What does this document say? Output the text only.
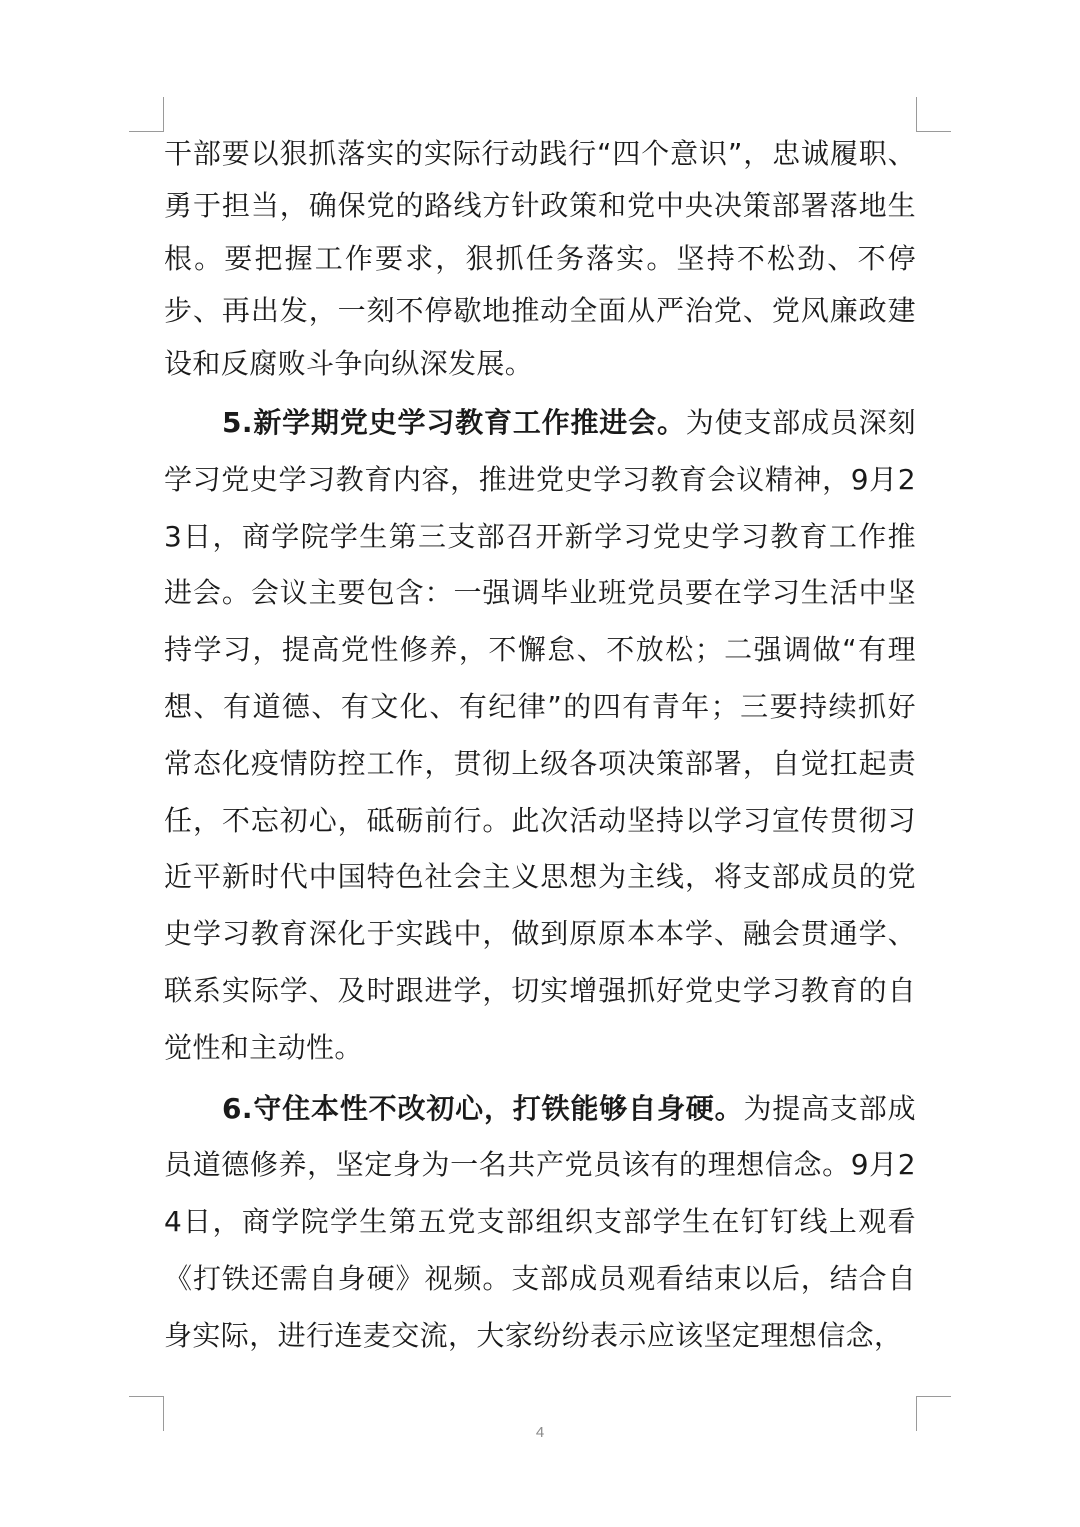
干部要以狠抓落实的实际行动践行“四个意识”，忠诚履职、勇于担当，确保党的路线方针政策和党中央决策部署落地生根。要把握工作要求，狠抓任务落实。坚持不松劲、不停步、再出发，一刻不停歇地推动全面从严治党、党风廉政建设和反腐败斗争向纵深发展。

5.新学期党史学习教育工作推进会。为使支部成员深刻学习党史学习教育内容，推进党史学习教育会议精神，9月23日，商学院学生第三支部召开新学习党史学习教育工作推进会。会议主要包含：一强调毕业班党员要在学习生活中坚持学习，提高党性修养，不懈怠、不放松；二强调做“有理想、有道德、有文化、有纪律”的四有青年；三要持续抓好常态化疫情防控工作，贯彻上级各项决策部署，自觉扛起责任，不忘初心，砥砺前行。此次活动坚持以学习宣传贯彻习近平新时代中国特色社会主义思想为主线，将支部成员的党史学习教育深化于实践中，做到原原本本学、融会贯通学、联系实际学、及时跟进学，切实增强抓好党史学习教育的自觉性和主动性。

6.守住本性不改初心，打铁能够自身硬。为提高支部成员道德修养，坚定身为一名共产党员该有的理想信念。9月24日，商学院学生第五党支部组织支部学生在钉钉线上观看《打铁还需自身硬》视频。支部成员观看结束以后，结合自身实际，进行连麦交流，大家纷纷表示应该坚定理想信念，

4
